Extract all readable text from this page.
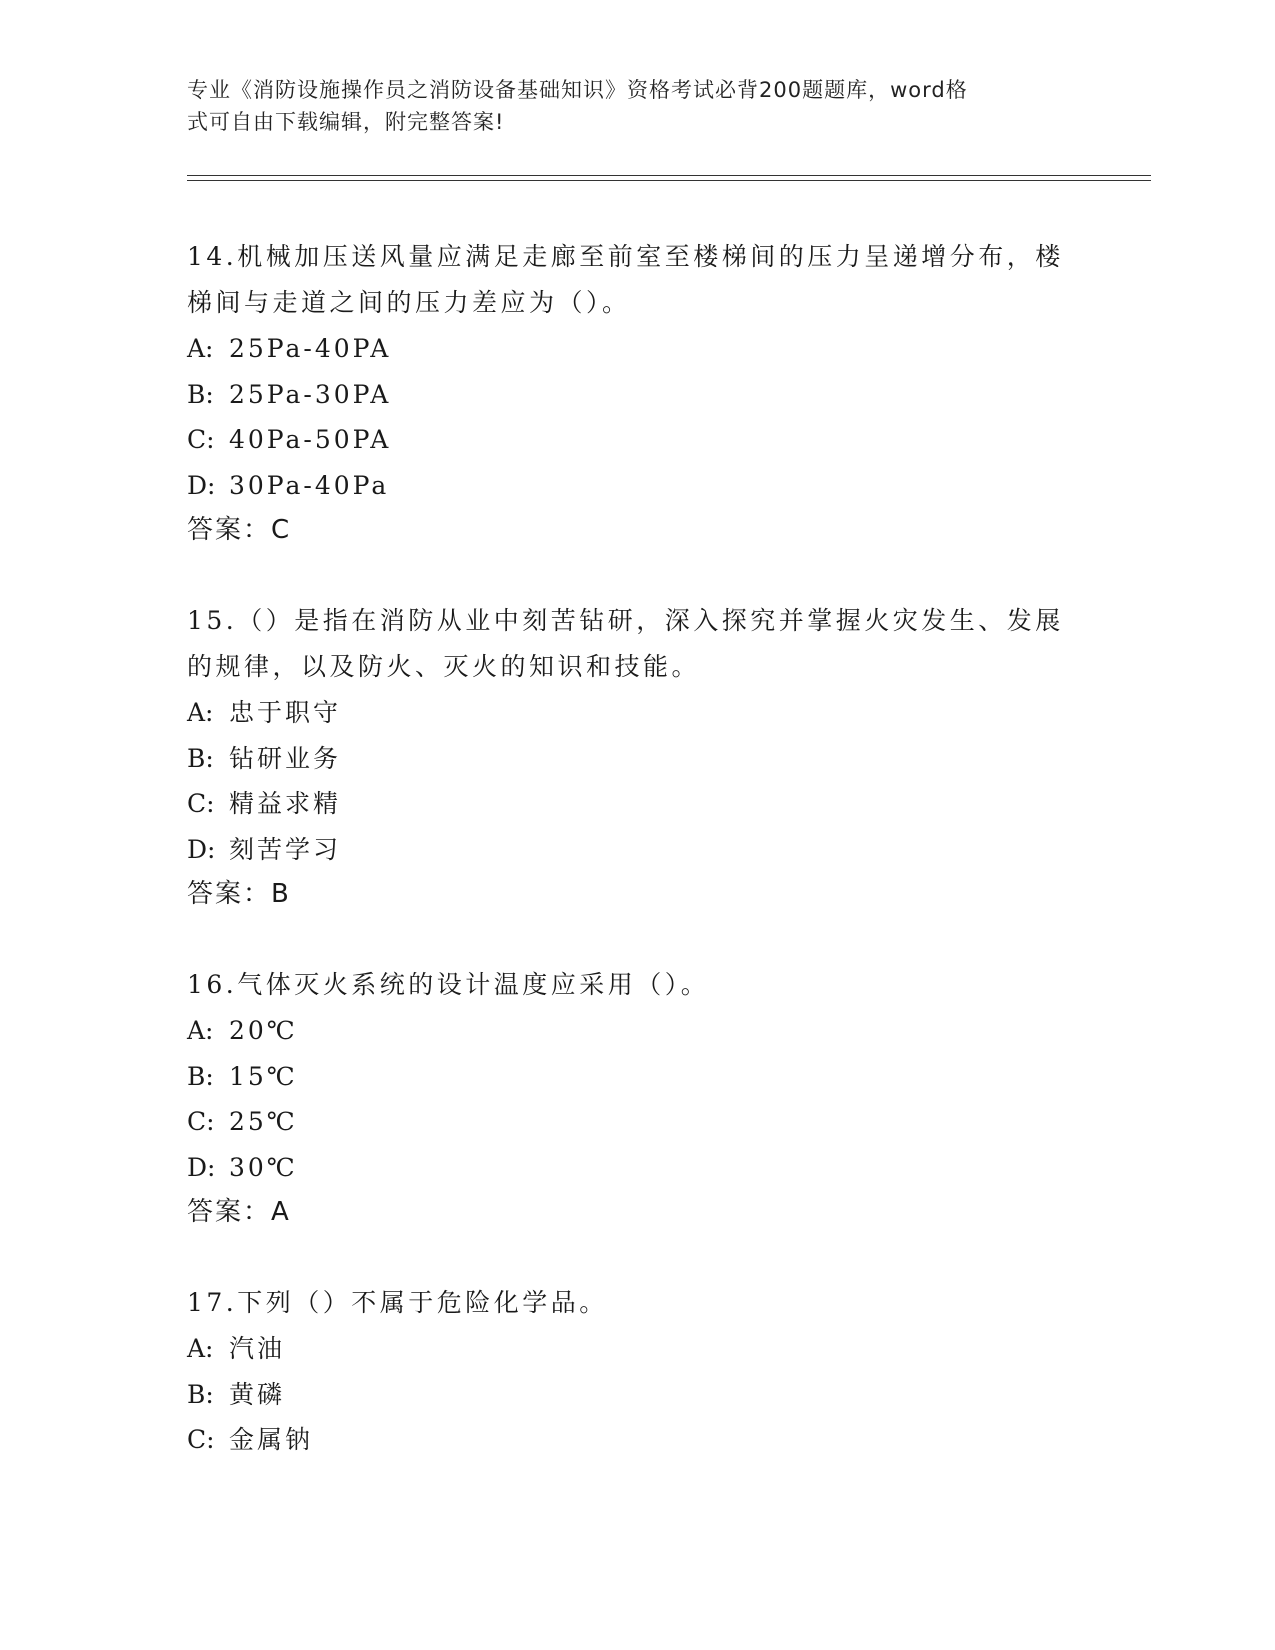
专业《消防设施操作员之消防设备基础知识》资格考试必背200题题库，word格
式可自由下载编辑，附完整答案!

14.机械加压送风量应满足走廊至前室至楼梯间的压力呈递增分布，楼

梯间与走道之间的压力差应为（）。

A: 25Pa-40PA

B: 25Pa-30PA

C: 40Pa-50PA

D: 30Pa-40Pa

答案：C

15.（）是指在消防从业中刻苦钻研，深入探究并掌握火灾发生、发展

的规律，以及防火、灭火的知识和技能。

A: 忠于职守

B: 钻研业务

C: 精益求精

D: 刻苦学习

答案：B

16.气体灭火系统的设计温度应采用（）。

A: 20℃

B: 15℃

C: 25℃

D: 30℃

答案：A

17.下列（）不属于危险化学品。

A: 汽油

B: 黄磷

C: 金属钠
